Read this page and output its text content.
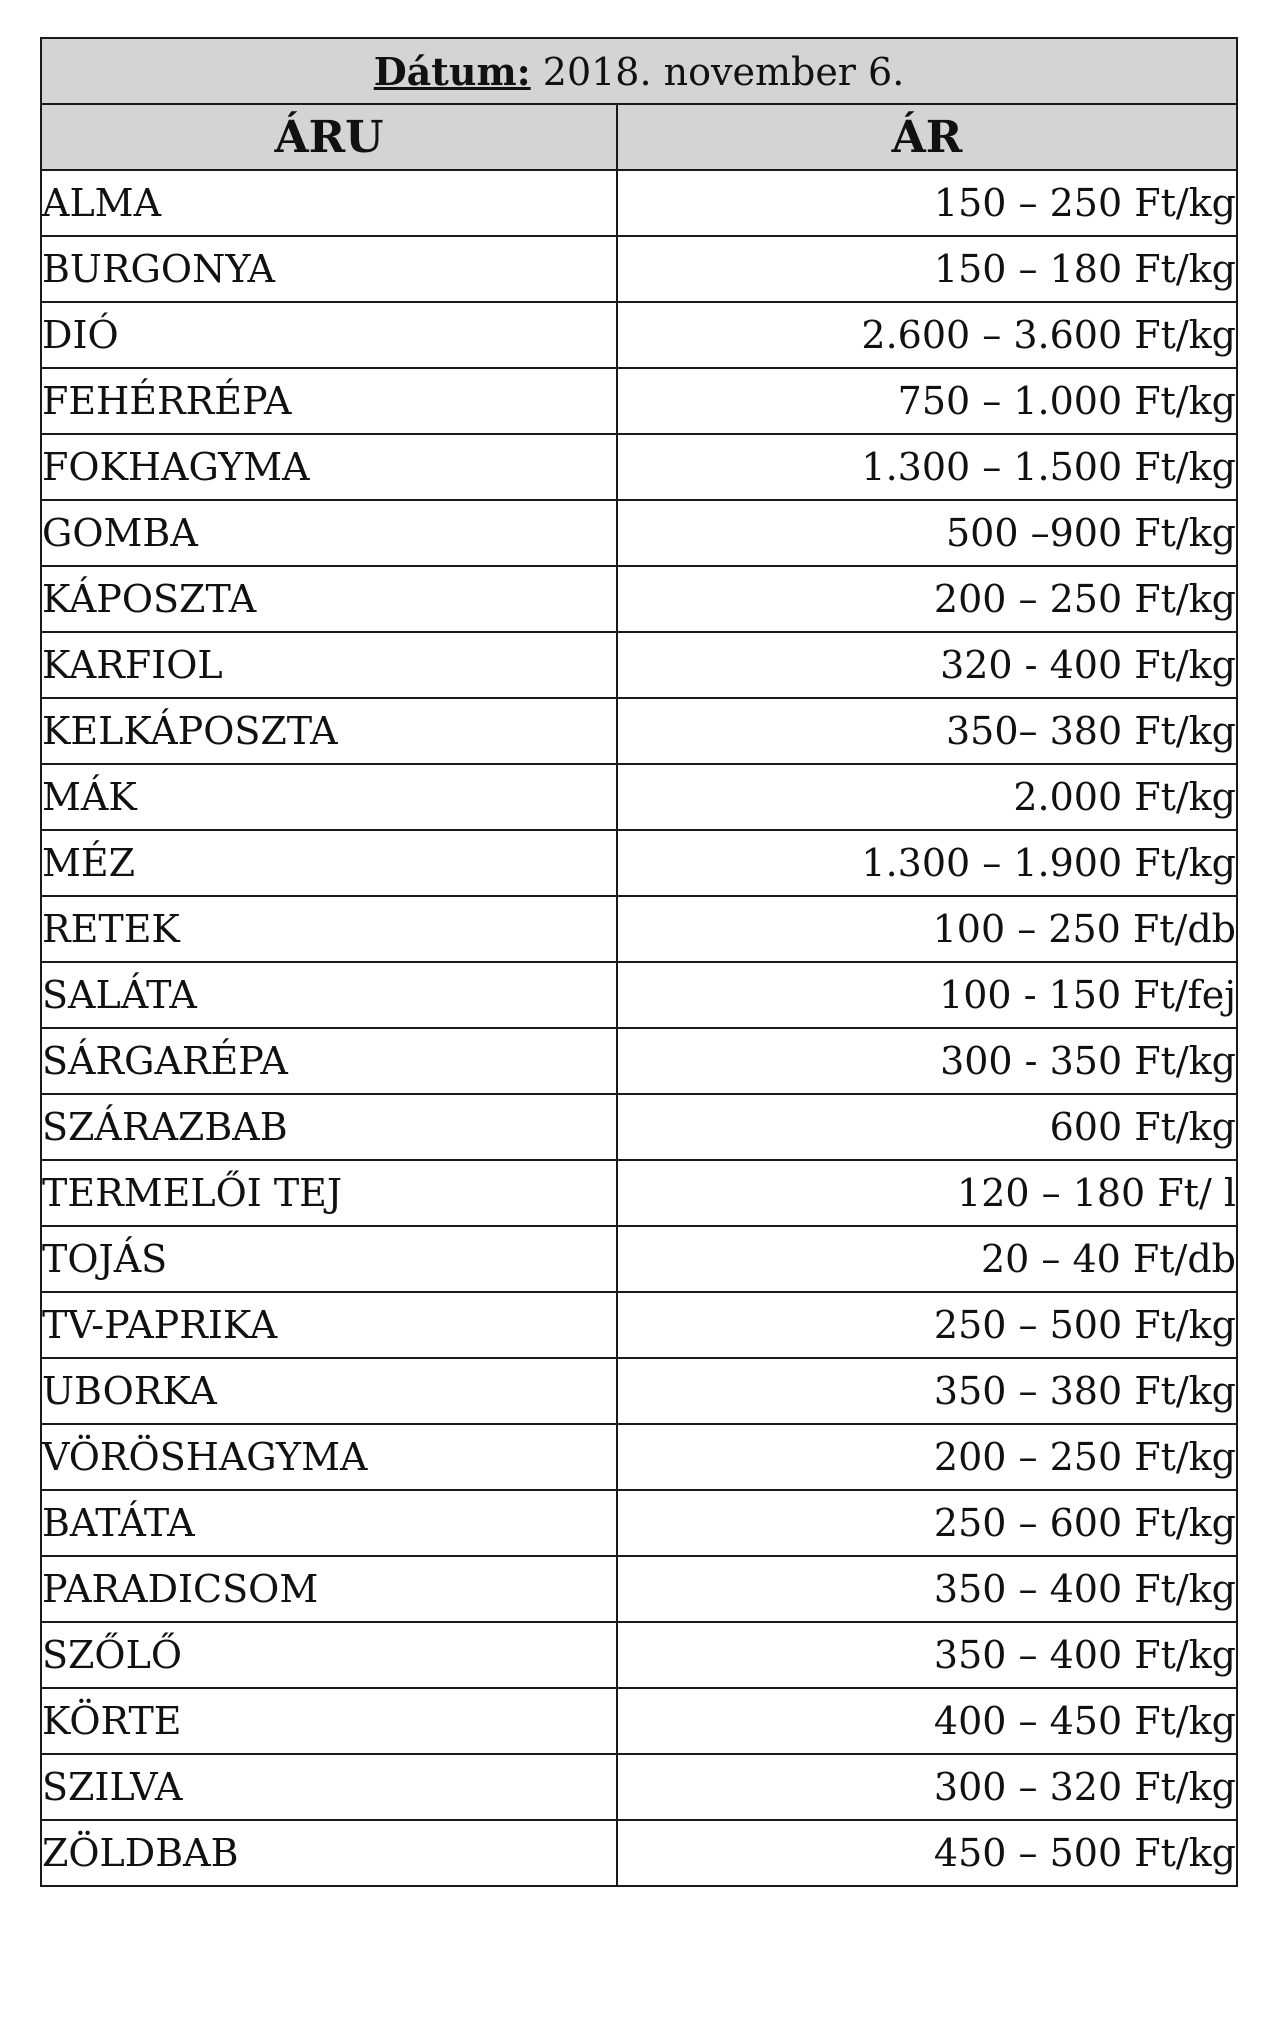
Dátum: 2018. november 6.	
ÁRU	ÁR
ALMA	150 – 250 Ft/kg
BURGONYA	150 – 180 Ft/kg
DIÓ	2.600 – 3.600 Ft/kg
FEHÉRRÉPA	750 – 1.000 Ft/kg
FOKHAGYMA	1.300 – 1.500 Ft/kg
GOMBA	500 –900 Ft/kg
KÁPOSZTA	200 – 250 Ft/kg
KARFIOL	320 - 400 Ft/kg
KELKÁPOSZTA	350– 380 Ft/kg
MÁK	2.000 Ft/kg
MÉZ	1.300 – 1.900 Ft/kg
RETEK	100 – 250 Ft/db
SALÁTA	100 - 150 Ft/fej
SÁRGARÉPA	300 - 350 Ft/kg
SZÁRAZBAB	600 Ft/kg
TERMELŐI TEJ	120 – 180 Ft/ l
TOJÁS	20 – 40 Ft/db
TV-PAPRIKA	250 – 500 Ft/kg
UBORKA	350 – 380 Ft/kg
VÖRÖSHAGYMA	200 – 250 Ft/kg
BATÁTA	250 – 600 Ft/kg
PARADICSOM	350 – 400 Ft/kg
SZŐLŐ	350 – 400 Ft/kg
KÖRTE	400 – 450 Ft/kg
SZILVA	300 – 320 Ft/kg
ZÖLDBAB	450 – 500 Ft/kg
